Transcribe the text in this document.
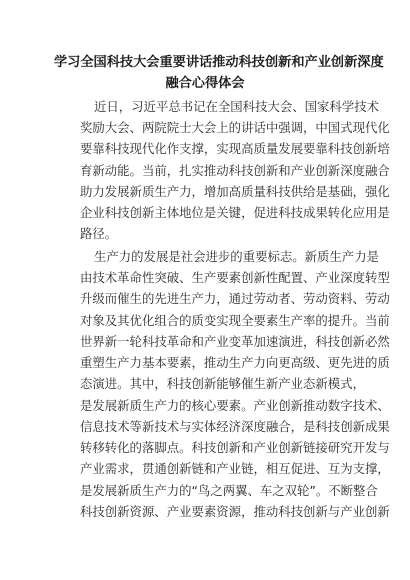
学习全国科技大会重要讲话推动科技创新和产业创新深度
融合心得体会
近日，习近平总书记在全国科技大会、国家科学技术
奖励大会、两院院士大会上的讲话中强调，中国式现代化
要靠科技现代化作支撑，实现高质量发展要靠科技创新培
育新动能。当前，扎实推动科技创新和产业创新深度融合
助力发展新质生产力，增加高质量科技供给是基础，强化
企业科技创新主体地位是关键，促进科技成果转化应用是
路径。
生产力的发展是社会进步的重要标志。新质生产力是
由技术革命性突破、生产要素创新性配置、产业深度转型
升级而催生的先进生产力，通过劳动者、劳动资料、劳动
对象及其优化组合的质变实现全要素生产率的提升。当前
世界新一轮科技革命和产业变革加速演进，科技创新必然
重塑生产力基本要素，推动生产力向更高级、更先进的质
态演进。其中，科技创新能够催生新产业态新模式，
是发展新质生产力的核心要素。产业创新推动数字技术、
信息技术等新技术与实体经济深度融合，是科技创新成果
转移转化的落脚点。科技创新和产业创新链接研究开发与
产业需求，贯通创新链和产业链，相互促进、互为支撑，
是发展新质生产力的“鸟之两翼、车之双轮”。不断整合
科技创新资源、产业要素资源，推动科技创新与产业创新
